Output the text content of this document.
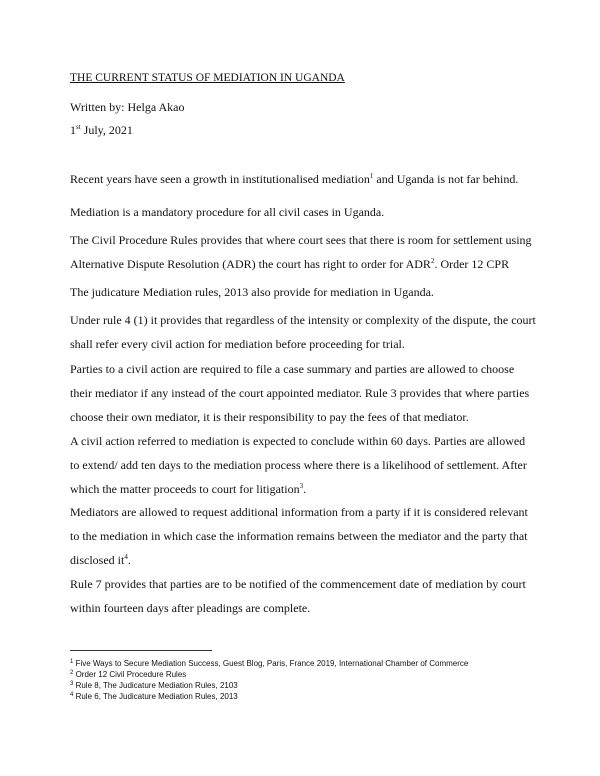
THE CURRENT STATUS OF MEDIATION IN UGANDA
Written by: Helga Akao
1st July, 2021
Recent years have seen a growth in institutionalised mediation$^1$ and Uganda is not far behind.
Mediation is a mandatory procedure for all civil cases in Uganda.
The Civil Procedure Rules provides that where court sees that there is room for settlement using
Alternative Dispute Resolution (ADR) the court has right to order for ADR$^2$. Order 12 CPR
The judicature Mediation rules, 2013 also provide for mediation in Uganda.
Under rule 4 (1) it provides that regardless of the intensity or complexity of the dispute, the court
shall refer every civil action for mediation before proceeding for trial.
Parties to a civil action are required to file a case summary and parties are allowed to choose
their mediator if any instead of the court appointed mediator. Rule 3 provides that where parties
choose their own mediator, it is their responsibility to pay the fees of that mediator.
A civil action referred to mediation is expected to conclude within 60 days. Parties are allowed
to extend/ add ten days to the mediation process where there is a likelihood of settlement. After
which the matter proceeds to court for litigation$^3$.
Mediators are allowed to request additional information from a party if it is considered relevant
to the mediation in which case the information remains between the mediator and the party that
disclosed $it^4$.
Rule 7 provides that parties are to be notified of the commencement date of mediation by court
within fourteen days after pleadings are complete.
$^1$ Five Ways to Secure Mediation Success, Guest Blog, Paris, France 2019, International Chamber of Commerce
$^2$ Order 12 Civil Procedure Rules
$^3$ Rule 8, The Judicature Mediation Rules, 2103
$^4$ Rule 6, The Judicature Mediation Rules, 2013
